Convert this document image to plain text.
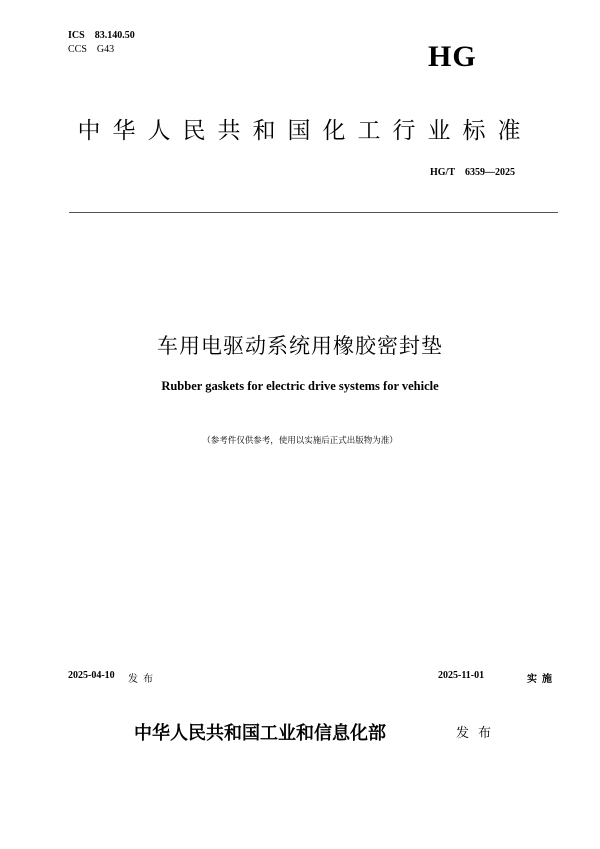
ICS 83.140.50
CCS G43	HG
中华人民共和国化工行业标准
HG/T 6359—2025
车用电驱动系统用橡胶密封垫
Rubber gaskets for electric drive systems for vehicle
（参考件仅供参考，使用以实施后正式出版物为准）
2025-04-10 发布	2025-11-01	实施
中华人民共和国工业和信息化部	发布
